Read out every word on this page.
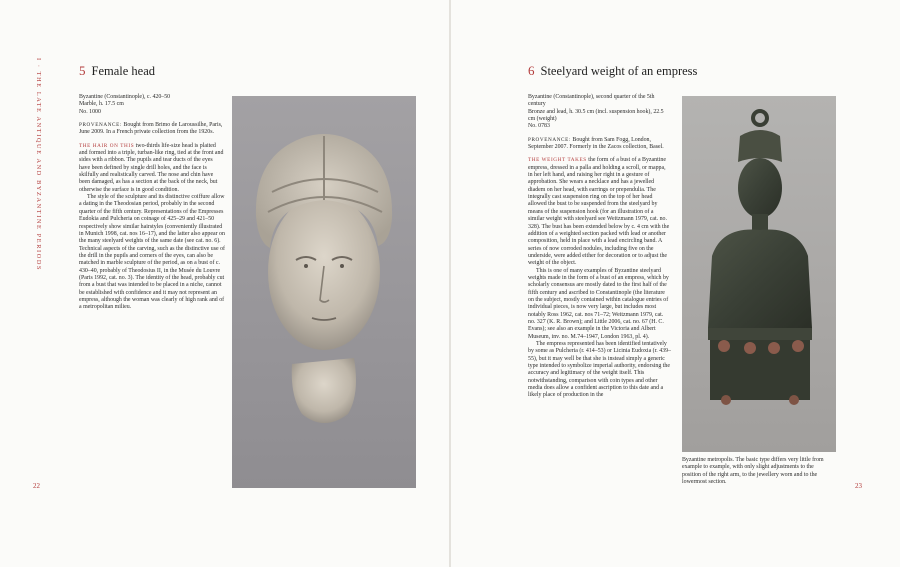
I · THE LATE ANTIQUE AND BYZANTINE PERIODS	5 Female head

Byzantine (Constantinople), c. 420–50

Marble, h. 17.5 cm

No. 1000

PROVENANCE: Bought from Brimo de Laroussilhe, Paris, June 2009. In a French private collection from the 1920s.

THE HAIR ON THIS two-thirds life-size head is plaited and formed into a triple, turban-like ring, tied at the front and sides with a ribbon. The pupils and tear ducts of the eyes have been defined by single drill holes, and the face is skilfully and realistically carved. The nose and chin have been damaged, as has a section at the back of the neck, but otherwise the surface is in good condition.

The style of the sculpture and its distinctive coiffure allow a dating in the Theodosian period, probably in the second quarter of the fifth century. Representations of the Empresses Eudokia and Pulcheria on coinage of 425–29 and 421–50 respectively show similar hairstyles (conveniently illustrated in Munich 1998, cat. nos 16–17), and the latter also appear on the many steelyard weights of the same date (see cat. no. 6). Technical aspects of the carving, such as the distinctive use of the drill in the pupils and corners of the eyes, can also be matched in marble sculpture of the period, as on a bust of c. 430–40, probably of Theodosius II, in the Musée du Louvre (Paris 1992, cat. no. 3). The identity of the head, probably cut from a bust that was intended to be placed in a niche, cannot be established with confidence and it may not represent an empress, although the woman was clearly of high rank and of a metropolitan milieu.

22
6 Steelyard weight of an empress

Byzantine (Constantinople), second quarter of the 5th century

Bronze and lead, h. 30.5 cm (incl. suspension hook), 22.5 cm (weight)

No. 0783

PROVENANCE: Bought from Sam Fogg, London, September 2007. Formerly in the Zacos collection, Basel.

THE WEIGHT TAKES the form of a bust of a Byzantine empress, dressed in a palla and holding a scroll, or mappa, in her left hand, and raising her right in a gesture of approbation. She wears a necklace and has a jewelled diadem on her head, with earrings or prependulia. The integrally cast suspension ring on the top of her head allowed the bust to be suspended from the steelyard by means of the suspension hook (for an illustration of a similar weight with steelyard see Weitzmann 1979, cat. no. 328). The bust has been extended below by c. 4 cm with the addition of a weighted section packed with lead or another composition, held in place with a lead encircling band. A series of now corroded nodules, including five on the underside, were added either for decoration or to adjust the weight of the object.

This is one of many examples of Byzantine steelyard weights made in the form of a bust of an empress, which by scholarly consensus are mostly dated to the first half of the fifth century and ascribed to Constantinople (the literature on the subject, mostly contained within catalogue entries of individual pieces, is now very large, but includes most notably Ross 1962, cat. nos 71–72; Weitzmann 1979, cat. no. 327 (K. R. Brown); and Little 2006, cat. no. 67 (H. C. Evans); see also an example in the Victoria and Albert Museum, inv. no. M.74–1947, London 1963, pl. 4).

The empress represented has been identified tentatively by some as Pulcheria (r. 414–53) or Licinia Eudoxia (r. 439–55), but it may well be that she is instead simply a generic type intended to symbolize imperial authority, endorsing the accuracy and legitimacy of the weight itself. This notwithstanding, comparison with coin types and other media does allow a confident ascription to this date and a likely place of production in the

Byzantine metropolis. The basic type differs very little from example to example, with only slight adjustments to the position of the right arm, to the jewellery worn and to the lowermost section.	23
